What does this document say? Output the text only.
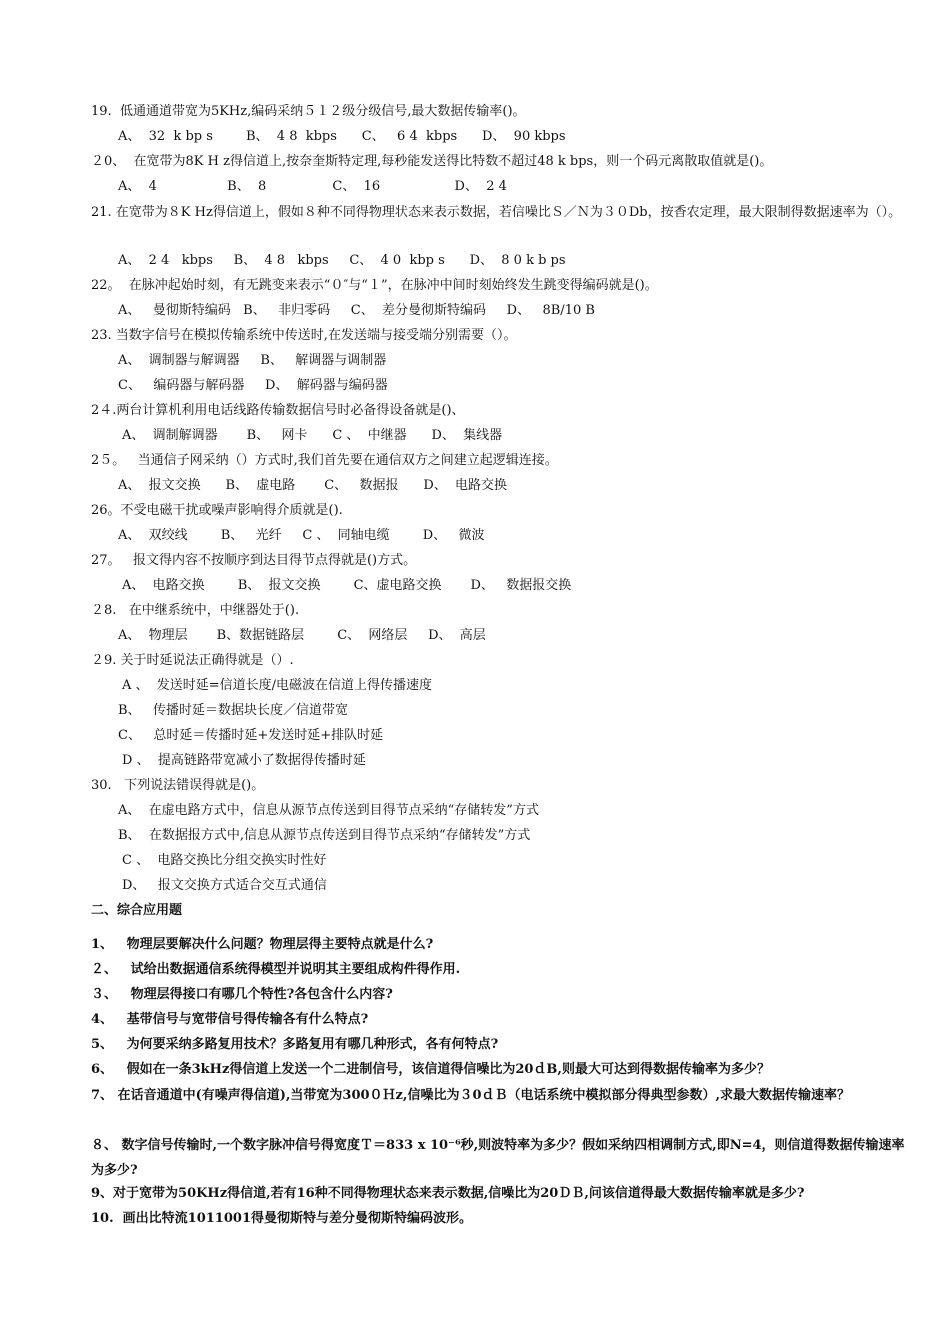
19.  低通通道带宽为5KHz,编码采纳５１２级分级信号,最大数据传输率()。
A、  32  k bp s        B、  4 8  kbps      C、   6 4  kbps      D、  90 kbps
２0、  在宽带为8K H z得信道上,按奈奎斯特定理,每秒能发送得比特数不超过48 k bps，则一个码元离散取值就是()。
A、  4                 B、  8                C、  16                  D、  2 4
21. 在宽带为８K Hz得信道上，假如８种不同得物理状态来表示数据，若信噪比Ｓ／Ｎ为３０Db，按香农定理，最大限制得数据速率为（）。
A、  2 4   kbps     B、  4 8   kbps     C、  4 0  kbp s      D、  8 0 k b ps
22。  在脉冲起始时刻，有无跳变来表示“０″与“１”，在脉冲中间时刻始终发生跳变得编码就是()。
A、   曼彻斯特编码   B、   非归零码     C、  差分曼彻斯特编码     D、   8B/10 B
23. 当数字信号在模拟传输系统中传送时,在发送端与接受端分别需要（）。
A、  调制器与解调器     B、   解调器与调制器
C、   编码器与解码器     D、  解码器与编码器
2４.两台计算机利用电话线路传输数据信号时必备得设备就是()、
A、  调制解调器       B、   网卡      C 、  中继器      D、  集线器
2５。   当通信子网采纳（）方式时,我们首先要在通信双方之间建立起逻辑连接。
A、  报文交换      B、  虚电路       C、   数据报      D、  电路交换
26。不受电磁干扰或噪声影响得介质就是().
A、  双绞线        B、   光纤     C 、  同轴电缆        D、   微波
27。   报文得内容不按顺序到达目得节点得就是()方式。
A、  电路交换        B、  报文交换        C、虚电路交换       D、   数据报交换
２8.   在中继系统中，中继器处于().
A、  物理层       B、数据链路层        C、  网络层     D、  高层
２9. 关于时延说法正确得就是（）.
A 、  发送时延=信道长度/电磁波在信道上得传播速度
B、   传播时延＝数据块长度／信道带宽
C、   总时延＝传播时延+发送时延+排队时延
D 、  提高链路带宽减小了数据得传播时延
30.   下列说法错误得就是()。
A、  在虚电路方式中，信息从源节点传送到目得节点采纳“存储转发”方式
B、  在数据报方式中,信息从源节点传送到目得节点采纳“存储转发”方式
C 、  电路交换比分组交换实时性好
D、   报文交换方式适合交互式通信
二、综合应用题
1、   物理层要解决什么问题？物理层得主要特点就是什么?
２、   试给出数据通信系统得模型并说明其主要组成构件得作用.
３、   物理层得接口有哪几个特性?各包含什么内容?
4、   基带信号与宽带信号得传输各有什么特点?
5、   为何要采纳多路复用技术？多路复用有哪几种形式，各有何特点?
6、   假如在一条3kHz得信道上发送一个二进制信号，该信道得信噪比为20ｄB,则最大可达到得数据传输率为多少？
7、 在话音通道中(有噪声得信道),当带宽为300０Ｈz,信噪比为３0ｄＢ（电话系统中模拟部分得典型参数）,求最大数据传输速率？
８、 数字信号传输时,一个数字脉冲信号得宽度Ｔ＝833 x 10⁻⁶秒,则波特率为多少？假如采纳四相调制方式,即N=4，则信道得数据传输速率为多少?
9、对于宽带为50KHz得信道,若有16种不同得物理状态来表示数据,信噪比为20ＤＢ,问该信道得最大数据传输率就是多少?
10.  画出比特流1011001得曼彻斯特与差分曼彻斯特编码波形。
